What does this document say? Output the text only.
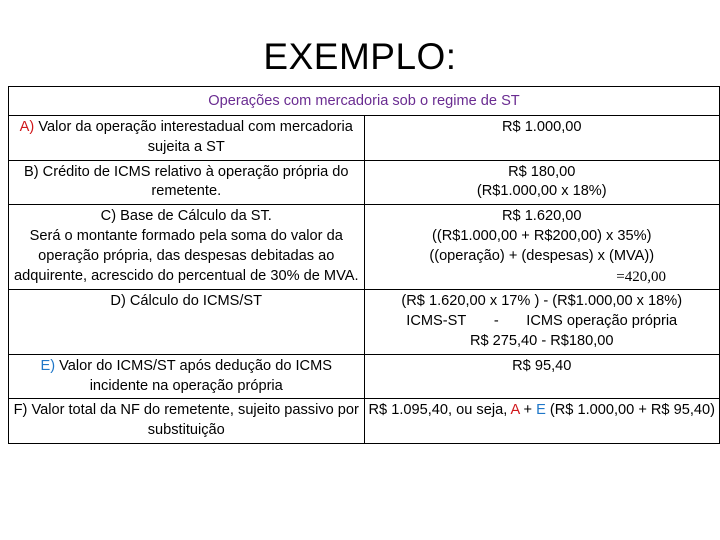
EXEMPLO:
Operações com mercadoria sob o regime de ST	
A) Valor da operação interestadual com mercadoria sujeita a ST	R$ 1.000,00

B) Crédito de ICMS relativo à operação própria do remetente.	R$ 180,00
(R$1.000,00 x 18%)

C) Base de Cálculo da ST.
Será o montante formado pela soma do valor da operação própria, das despesas debitadas ao adquirente, acrescido do percentual de 30% de MVA.	R$ 1.620,00
((R$1.000,00 + R$200,00) x 35%)
((operação) + (despesas) x (MVA))
=420,00

D) Cálculo do ICMS/ST	(R$ 1.620,00 x 17% ) - (R$1.000,00 x 18%)
ICMS-ST - ICMS operação própria
R$ 275,40 - R$180,00

E) Valor do ICMS/ST após dedução do ICMS incidente na operação própria	R$ 95,40

F) Valor total da NF do remetente, sujeito passivo por substituição	R$ 1.095,40, ou seja, A + E (R$ 1.000,00 + R$ 95,40)
